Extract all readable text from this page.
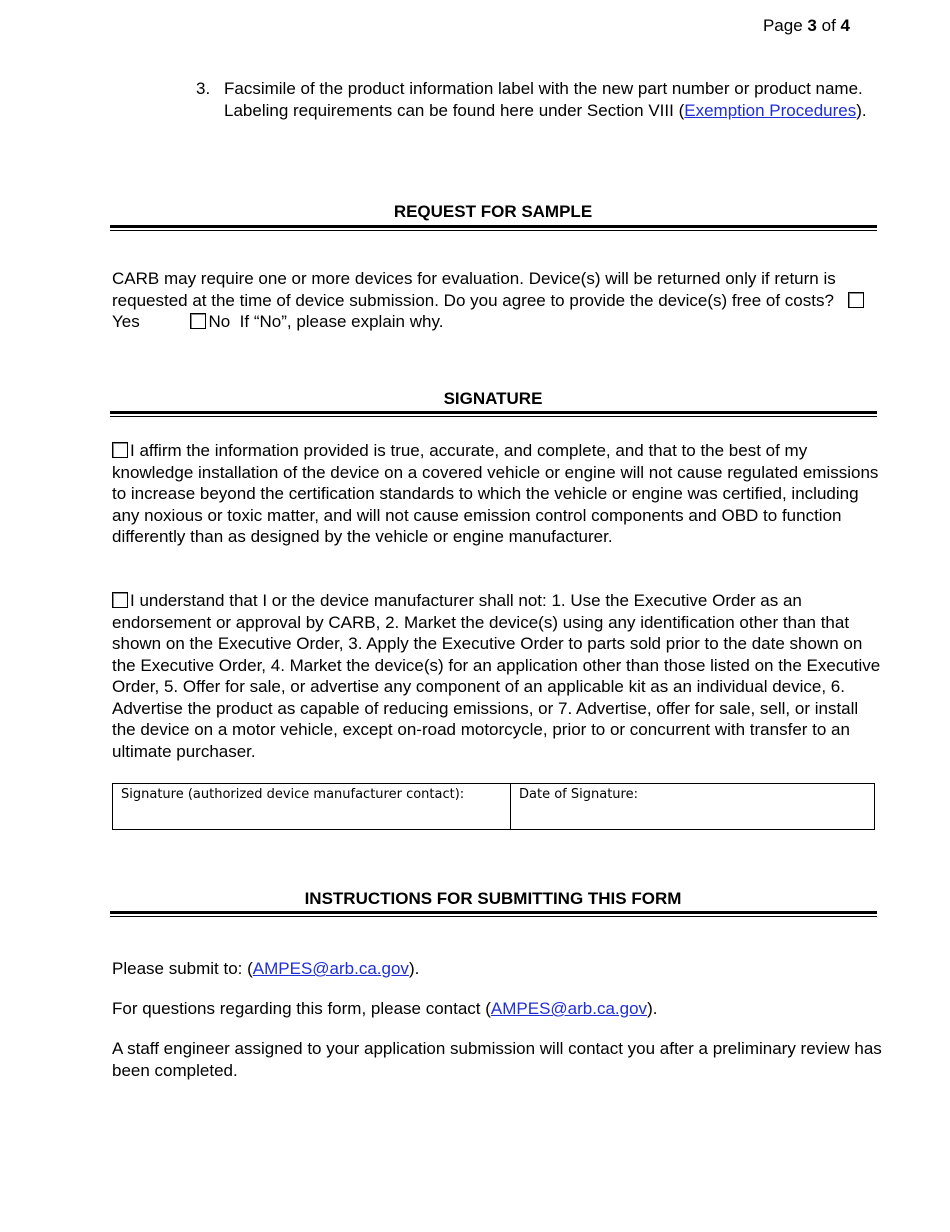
Page 3 of 4
3. Facsimile of the product information label with the new part number or product name. Labeling requirements can be found here under Section VIII (Exemption Procedures).
REQUEST FOR SAMPLE
CARB may require one or more devices for evaluation. Device(s) will be returned only if return is requested at the time of device submission. Do you agree to provide the device(s) free of costs? Yes	No If “No”, please explain why.
SIGNATURE
I affirm the information provided is true, accurate, and complete, and that to the best of my knowledge installation of the device on a covered vehicle or engine will not cause regulated emissions to increase beyond the certification standards to which the vehicle or engine was certified, including any noxious or toxic matter, and will not cause emission control components and OBD to function differently than as designed by the vehicle or engine manufacturer.
I understand that I or the device manufacturer shall not: 1. Use the Executive Order as an endorsement or approval by CARB, 2. Market the device(s) using any identification other than that shown on the Executive Order, 3. Apply the Executive Order to parts sold prior to the date shown on the Executive Order, 4. Market the device(s) for an application other than those listed on the Executive Order, 5. Offer for sale, or advertise any component of an applicable kit as an individual device, 6. Advertise the product as capable of reducing emissions, or 7. Advertise, offer for sale, sell, or install the device on a motor vehicle, except on-road motorcycle, prior to or concurrent with transfer to an ultimate purchaser.
Signature (authorized device manufacturer contact):	Date of Signature:
INSTRUCTIONS FOR SUBMITTING THIS FORM
Please submit to: (AMPES@arb.ca.gov).
For questions regarding this form, please contact (AMPES@arb.ca.gov).
A staff engineer assigned to your application submission will contact you after a preliminary review has been completed.
